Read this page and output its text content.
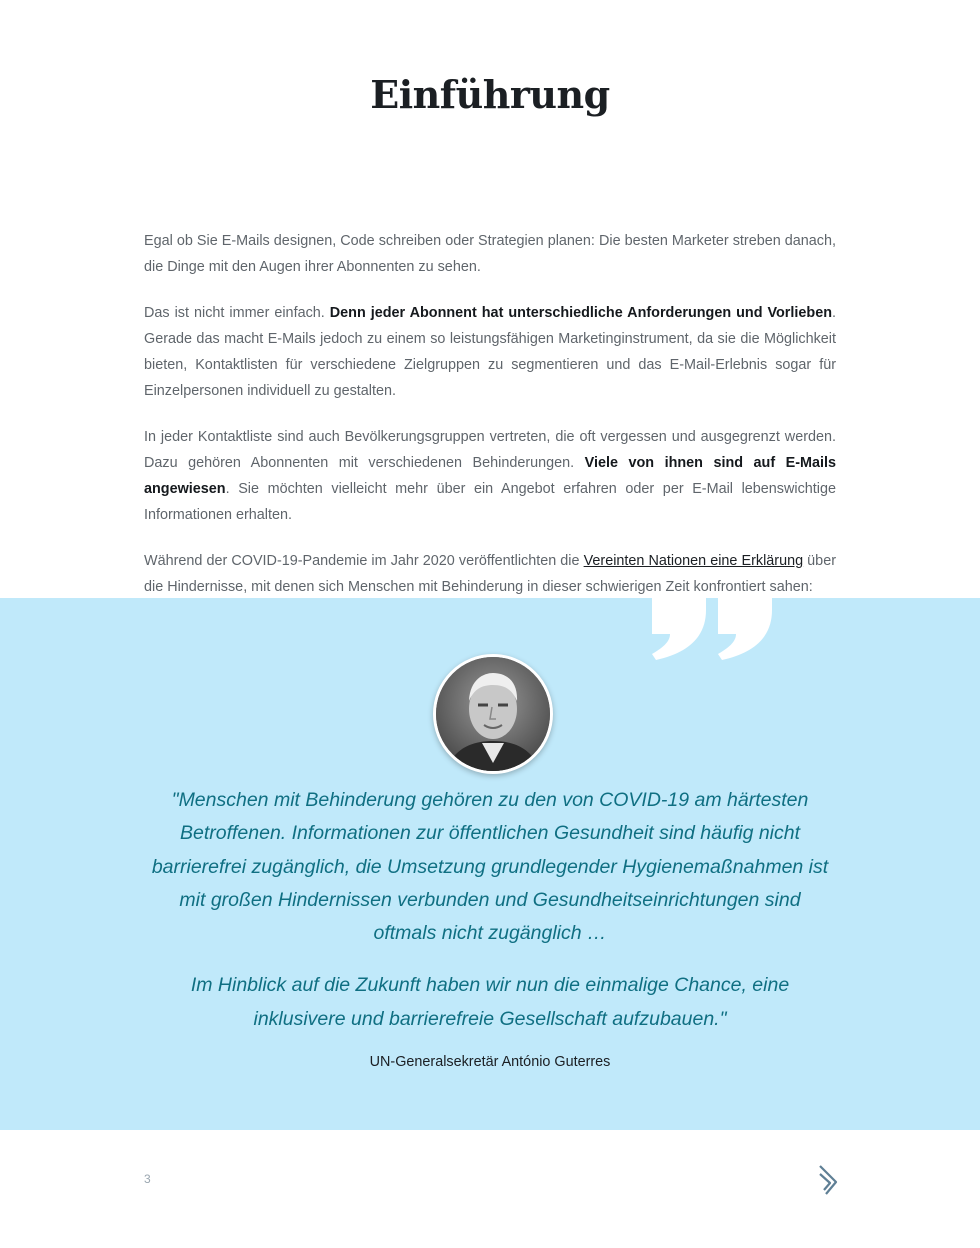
Einführung

Egal ob Sie E-Mails designen, Code schreiben oder Strategien planen: Die besten Marketer streben danach, die Dinge mit den Augen ihrer Abonnenten zu sehen.

Das ist nicht immer einfach. Denn jeder Abonnent hat unterschiedliche Anforderungen und Vorlieben. Gerade das macht E-Mails jedoch zu einem so leistungsfähigen Marketinginstrument, da sie die Möglichkeit bieten, Kontaktlisten für verschiedene Zielgruppen zu segmentieren und das E-Mail-Erlebnis sogar für Einzelpersonen individuell zu gestalten.

In jeder Kontaktliste sind auch Bevölkerungsgruppen vertreten, die oft vergessen und ausgegrenzt werden. Dazu gehören Abonnenten mit verschiedenen Behinderungen. Viele von ihnen sind auf E-Mails angewiesen. Sie möchten vielleicht mehr über ein Angebot erfahren oder per E-Mail lebenswichtige Informationen erhalten.

Während der COVID-19-Pandemie im Jahr 2020 veröffentlichten die Vereinten Nationen eine Erklärung über die Hindernisse, mit denen sich Menschen mit Behinderung in dieser schwierigen Zeit konfrontiert sahen:

"Menschen mit Behinderung gehören zu den von COVID-19 am härtesten Betroffenen. Informationen zur öffentlichen Gesundheit sind häufig nicht barrierefrei zugänglich, die Umsetzung grundlegender Hygienemaßnahmen ist mit großen Hindernissen verbunden und Gesundheitseinrichtungen sind oftmals nicht zugänglich …

Im Hinblick auf die Zukunft haben wir nun die einmalige Chance, eine inklusivere und barrierefreie Gesellschaft aufzubauen."

UN-Generalsekretär António Guterres
3
